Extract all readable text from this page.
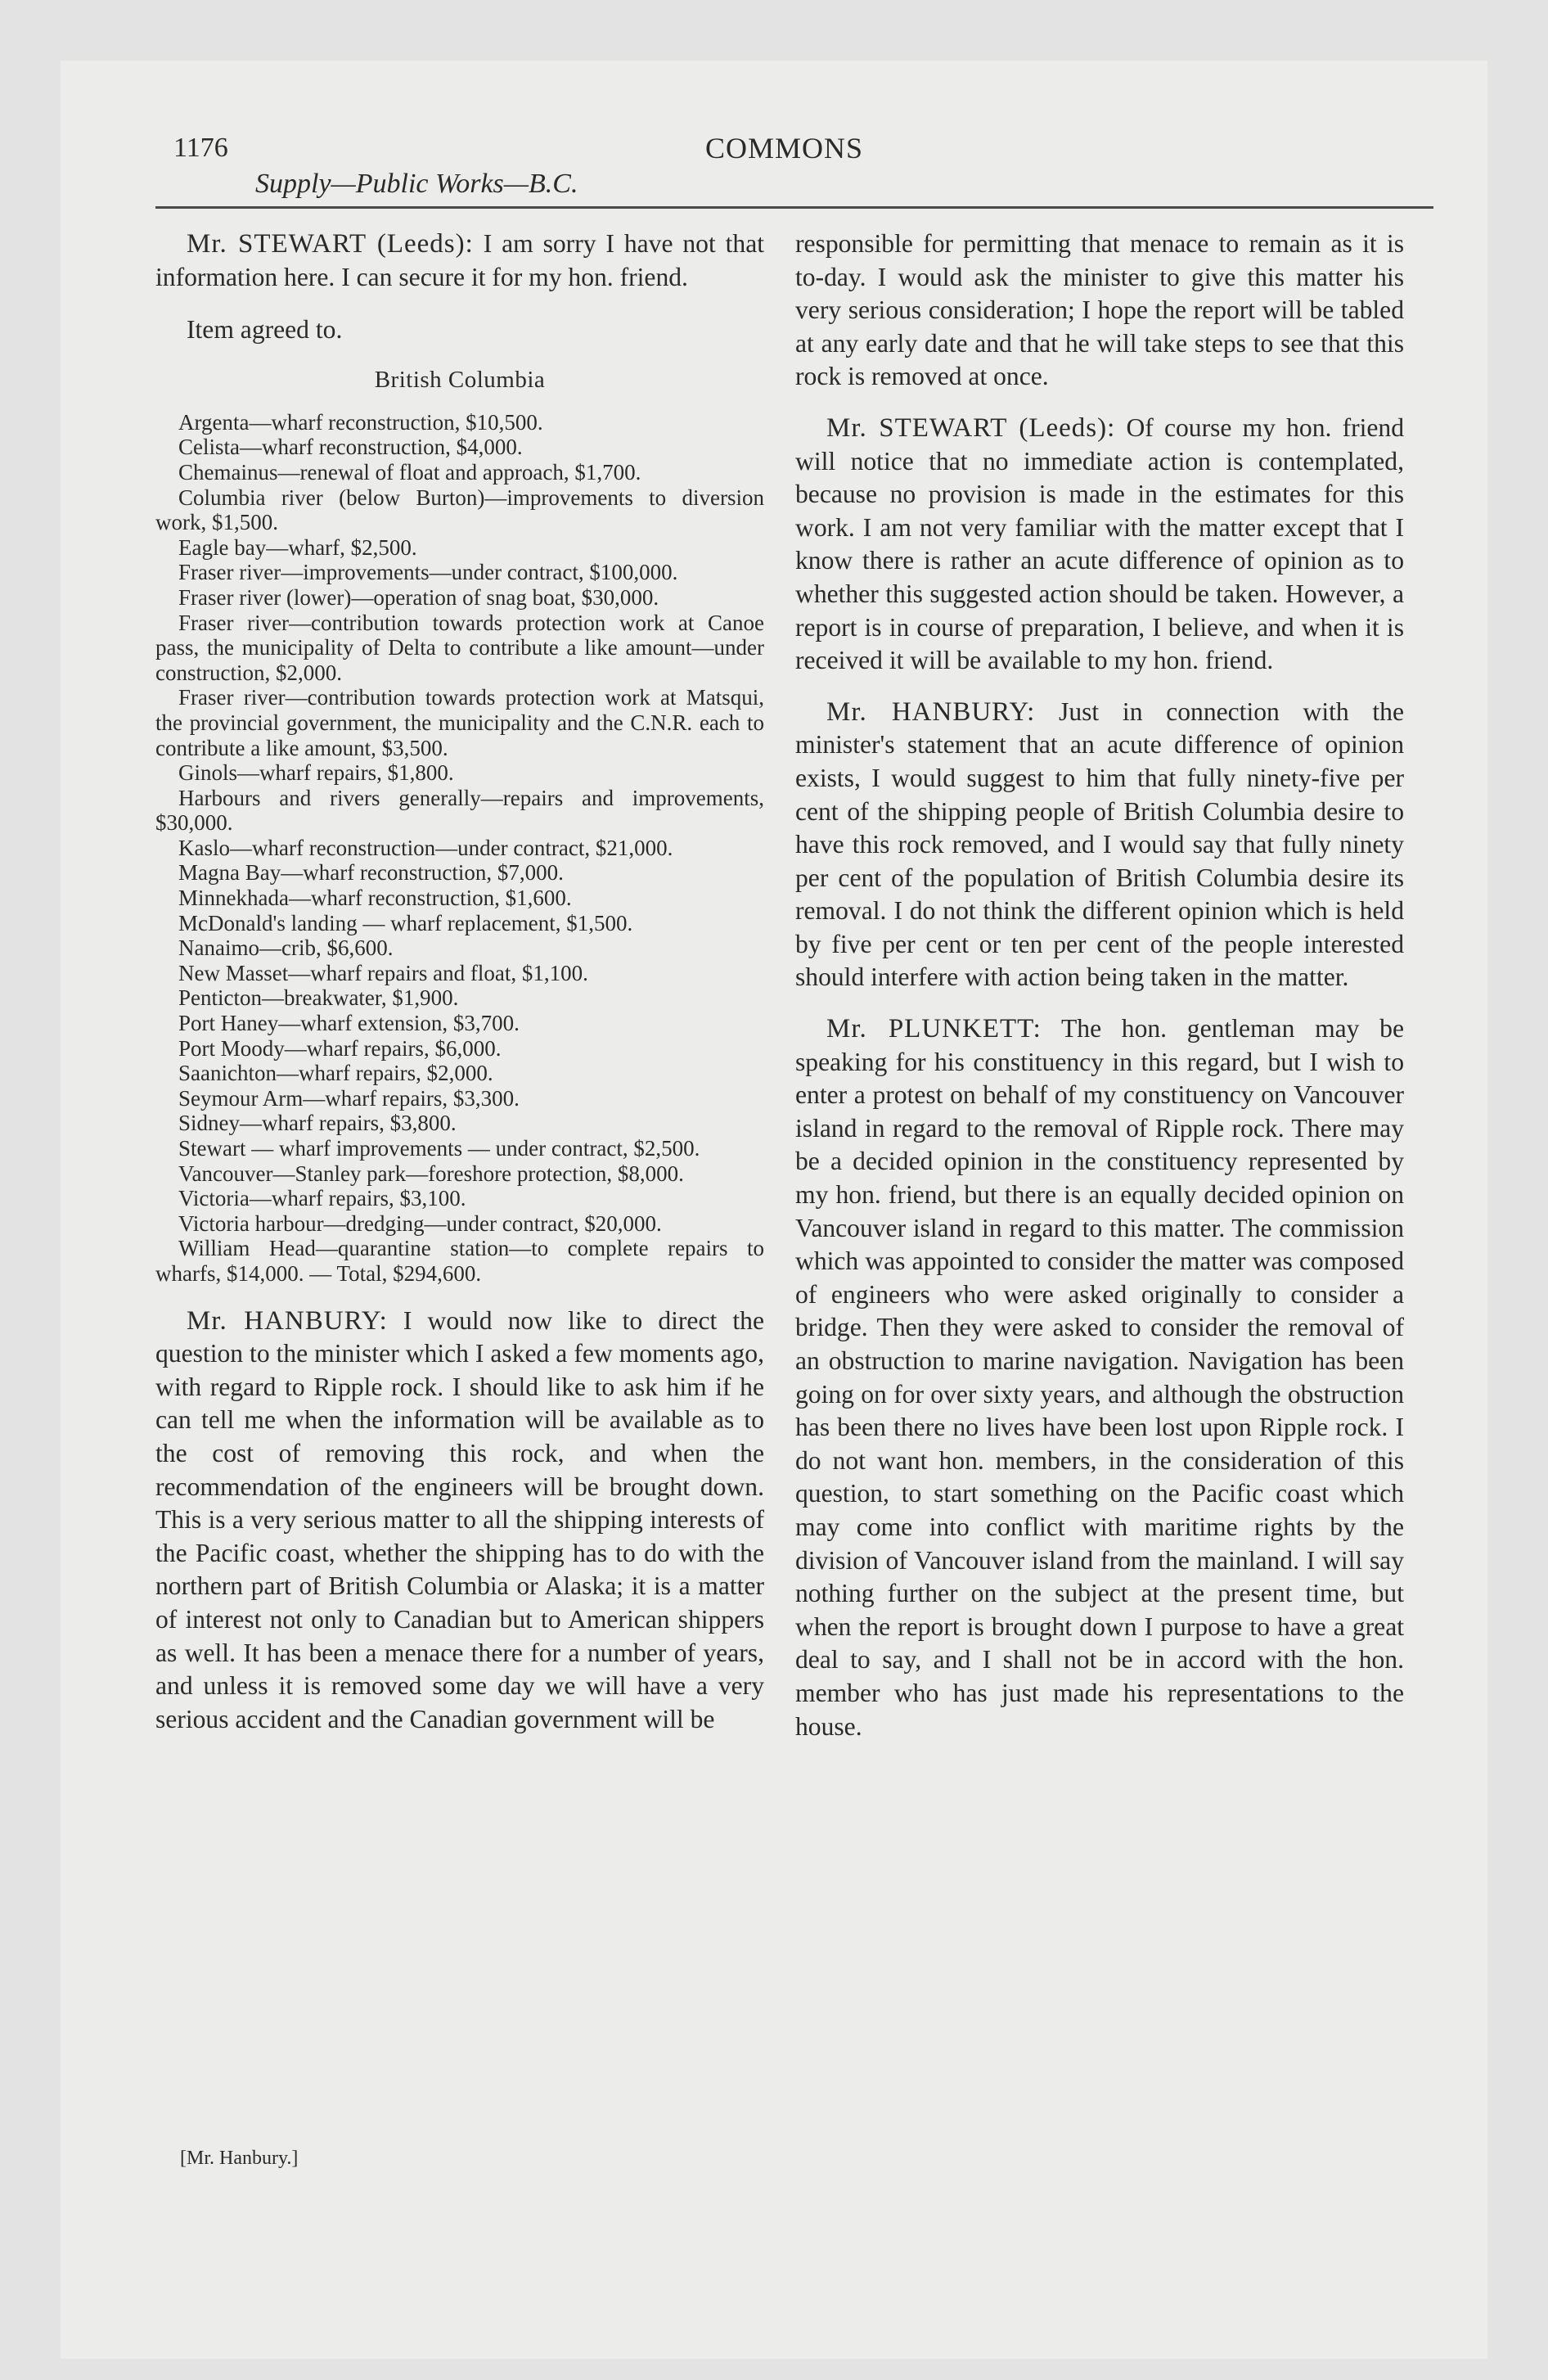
1176	COMMONS
Supply—Public Works—B.C.

Mr. STEWART (Leeds): I am sorry I have not that information here. I can secure it for my hon. friend.

Item agreed to.

British Columbia
Argenta—wharf reconstruction, $10,500.
Celista—wharf reconstruction, $4,000.
Chemainus—renewal of float and approach, $1,700.
Columbia river (below Burton)—improvements to diversion work, $1,500.
Eagle bay—wharf, $2,500.
Fraser river—improvements—under contract, $100,000.
Fraser river (lower)—operation of snag boat, $30,000.
Fraser river—contribution towards protection work at Canoe pass, the municipality of Delta to contribute a like amount—under construction, $2,000.
Fraser river—contribution towards protection work at Matsqui, the provincial government, the municipality and the C.N.R. each to contribute a like amount, $3,500.
Ginols—wharf repairs, $1,800.
Harbours and rivers generally—repairs and improvements, $30,000.
Kaslo—wharf reconstruction—under contract, $21,000.
Magna Bay—wharf reconstruction, $7,000.
Minnekhada—wharf reconstruction, $1,600.
McDonald's landing — wharf replacement, $1,500.
Nanaimo—crib, $6,600.
New Masset—wharf repairs and float, $1,100.
Penticton—breakwater, $1,900.
Port Haney—wharf extension, $3,700.
Port Moody—wharf repairs, $6,000.
Saanichton—wharf repairs, $2,000.
Seymour Arm—wharf repairs, $3,300.
Sidney—wharf repairs, $3,800.
Stewart — wharf improvements — under contract, $2,500.
Vancouver—Stanley park—foreshore protection, $8,000.
Victoria—wharf repairs, $3,100.
Victoria harbour—dredging—under contract, $20,000.
William Head—quarantine station—to complete repairs to wharfs, $14,000. — Total, $294,600.

Mr. HANBURY: I would now like to direct the question to the minister which I asked a few moments ago, with regard to Ripple rock. I should like to ask him if he can tell me when the information will be available as to the cost of removing this rock, and when the recommendation of the engineers will be brought down. This is a very serious matter to all the shipping interests of the Pacific coast, whether the shipping has to do with the northern part of British Columbia or Alaska; it is a matter of interest not only to Canadian but to American shippers as well. It has been a menace there for a number of years, and unless it is removed some day we will have a very serious accident and the Canadian government will be

responsible for permitting that menace to remain as it is to-day. I would ask the minister to give this matter his very serious consideration; I hope the report will be tabled at any early date and that he will take steps to see that this rock is removed at once.

Mr. STEWART (Leeds): Of course my hon. friend will notice that no immediate action is contemplated, because no provision is made in the estimates for this work. I am not very familiar with the matter except that I know there is rather an acute difference of opinion as to whether this suggested action should be taken. However, a report is in course of preparation, I believe, and when it is received it will be available to my hon. friend.

Mr. HANBURY: Just in connection with the minister's statement that an acute difference of opinion exists, I would suggest to him that fully ninety-five per cent of the shipping people of British Columbia desire to have this rock removed, and I would say that fully ninety per cent of the population of British Columbia desire its removal. I do not think the different opinion which is held by five per cent or ten per cent of the people interested should interfere with action being taken in the matter.

Mr. PLUNKETT: The hon. gentleman may be speaking for his constituency in this regard, but I wish to enter a protest on behalf of my constituency on Vancouver island in regard to the removal of Ripple rock. There may be a decided opinion in the constituency represented by my hon. friend, but there is an equally decided opinion on Vancouver island in regard to this matter. The commission which was appointed to consider the matter was composed of engineers who were asked originally to consider a bridge. Then they were asked to consider the removal of an obstruction to marine navigation. Navigation has been going on for over sixty years, and although the obstruction has been there no lives have been lost upon Ripple rock. I do not want hon. members, in the consideration of this question, to start something on the Pacific coast which may come into conflict with maritime rights by the division of Vancouver island from the mainland. I will say nothing further on the subject at the present time, but when the report is brought down I purpose to have a great deal to say, and I shall not be in accord with the hon. member who has just made his representations to the house.

[Mr. Hanbury.]
